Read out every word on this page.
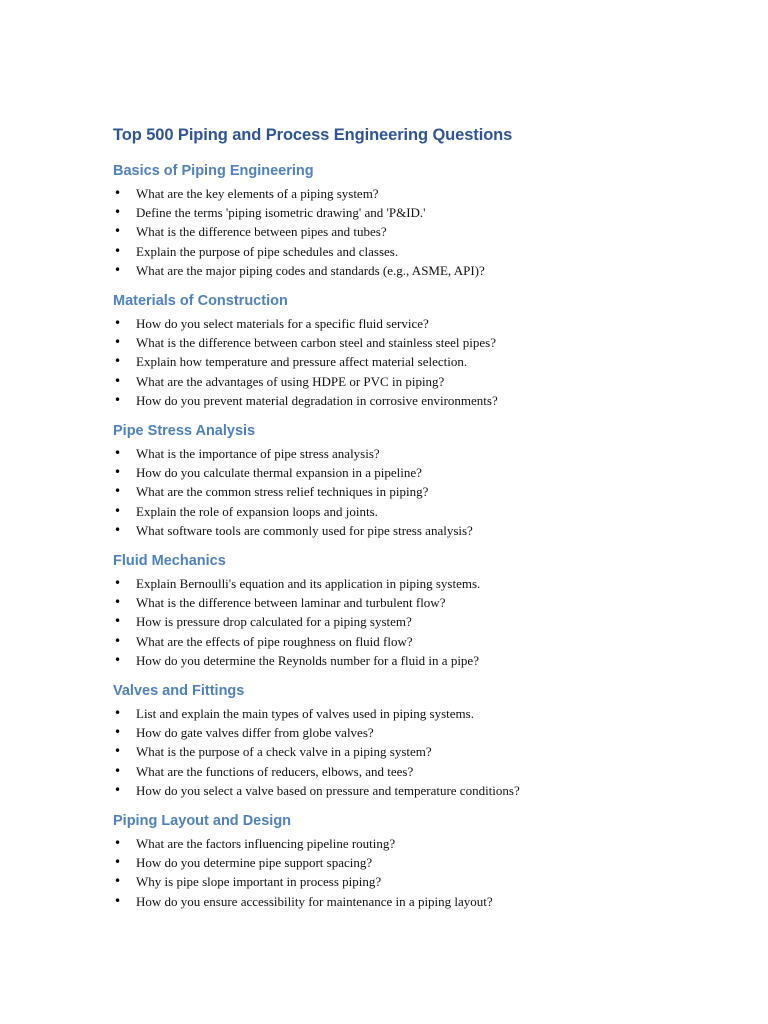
Top 500 Piping and Process Engineering Questions
Basics of Piping Engineering
• What are the key elements of a piping system?
• Define the terms 'piping isometric drawing' and 'P&ID.'
• What is the difference between pipes and tubes?
• Explain the purpose of pipe schedules and classes.
• What are the major piping codes and standards (e.g., ASME, API)?
Materials of Construction
• How do you select materials for a specific fluid service?
• What is the difference between carbon steel and stainless steel pipes?
• Explain how temperature and pressure affect material selection.
• What are the advantages of using HDPE or PVC in piping?
• How do you prevent material degradation in corrosive environments?
Pipe Stress Analysis
• What is the importance of pipe stress analysis?
• How do you calculate thermal expansion in a pipeline?
• What are the common stress relief techniques in piping?
• Explain the role of expansion loops and joints.
• What software tools are commonly used for pipe stress analysis?
Fluid Mechanics
• Explain Bernoulli's equation and its application in piping systems.
• What is the difference between laminar and turbulent flow?
• How is pressure drop calculated for a piping system?
• What are the effects of pipe roughness on fluid flow?
• How do you determine the Reynolds number for a fluid in a pipe?
Valves and Fittings
• List and explain the main types of valves used in piping systems.
• How do gate valves differ from globe valves?
• What is the purpose of a check valve in a piping system?
• What are the functions of reducers, elbows, and tees?
• How do you select a valve based on pressure and temperature conditions?
Piping Layout and Design
• What are the factors influencing pipeline routing?
• How do you determine pipe support spacing?
• Why is pipe slope important in process piping?
• How do you ensure accessibility for maintenance in a piping layout?
